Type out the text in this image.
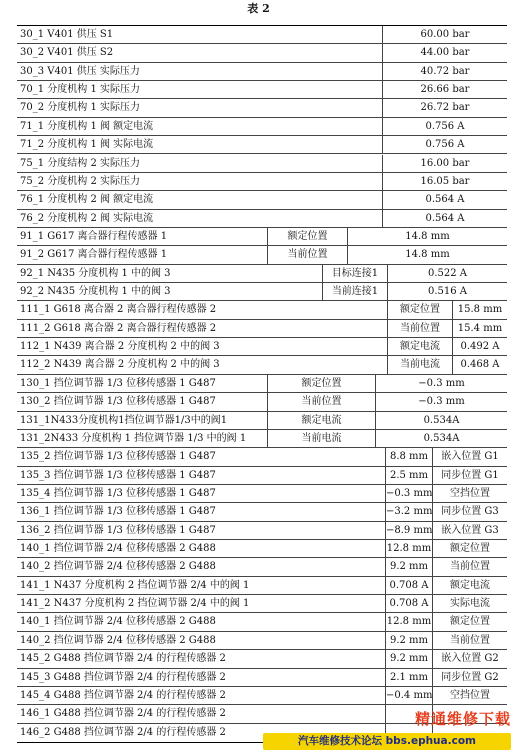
表 2
30_1 V401 供压 S1	60.00 bar
30_2 V401 供压 S2	44.00 bar
30_3 V401 供压 实际压力	40.72 bar
70_1 分度机构 1 实际压力	26.66 bar
70_2 分度机构 1 实际压力	26.72 bar
71_1 分度机构 1 阀 额定电流	0.756 A
71_2 分度机构 1 阀 实际电流	0.756 A
75_1 分度结构 2 实际压力	16.00 bar
75_2 分度机构 2 实际压力	16.05 bar
76_1 分度机构 2 阀 额定电流	0.564 A
76_2 分度机构 2 阀 实际电流	0.564 A
91_1 G617 离合器行程传感器 1	额定位置	14.8 mm
91_2 G617 离合器行程传感器 1	当前位置	14.8 mm
92_1 N435 分度机构 1 中的阀 3	目标连接1	0.522 A
92_2 N435 分度机构 1 中的阀 3	当前连接1	0.516 A
111_1 G618 离合器 2 离合器行程传感器 2	额定位置	15.8 mm
111_2 G618 离合器 2 离合器行程传感器 2	当前位置	15.4 mm
112_1 N439 离合器 2 分度机构 2 中的阀 3	额定电流	0.492 A
112_2 N439 离合器 2 分度机构 2 中的阀 3	当前电流	0.468 A
130_1 挡位调节器 1/3 位移传感器 1 G487	额定位置	−0.3 mm
130_2 挡位调节器 1/3 位移传感器 1 G487	当前位置	−0.3 mm
131_1N433分度机构1挡位调节器1/3中的阀1	额定电流	0.534A
131_2N433 分度机构 1 挡位调节器 1/3 中的阀 1	当前电流	0.534A
135_2 挡位调节器 1/3 位移传感器 1 G487	8.8 mm	嵌入位置 G1
135_3 挡位调节器 1/3 位移传感器 1 G487	2.5 mm	同步位置 G1
135_4 挡位调节器 1/3 位移传感器 1 G487	−0.3 mm	空挡位置
136_1 挡位调节器 1/3 位移传感器 1 G487	−3.2 mm 同步位置 G3
136_2 挡位调节器 1/3 位移传感器 1 G487	−8.9 mm 嵌入位置 G3
140_1 挡位调节器 2/4 位移传感器 2 G488	12.8 mm	额定位置
140_2 挡位调节器 2/4 位移传感器 2 G488	9.2 mm	当前位置
141_1 N437 分度机构 2 挡位调节器 2/4 中的阀 1	0.708 A	额定电流
141_2 N437 分度机构 2 挡位调节器 2/4 中的阀 1	0.708 A	实际电流
140_1 挡位调节器 2/4 位移传感器 2 G488	12.8 mm	额定位置
140_2 挡位调节器 2/4 位移传感器 2 G488	9.2 mm	当前位置
145_2 G488 挡位调节器 2/4 的行程传感器 2	9.2 mm	嵌入位置 G2
145_3 G488 挡位调节器 2/4 的行程传感器 2	2.1 mm	同步位置 G2
145_4 G488 挡位调节器 2/4 的行程传感器 2	−0.4 mm	空挡位置
146_1 G488 挡位调节器 2/4 的行程传感器 2
146_2 G488 挡位调节器 2/4 的行程传感器 2
精通维修下载
汽车维修技术论坛 bbs.ephua.com
